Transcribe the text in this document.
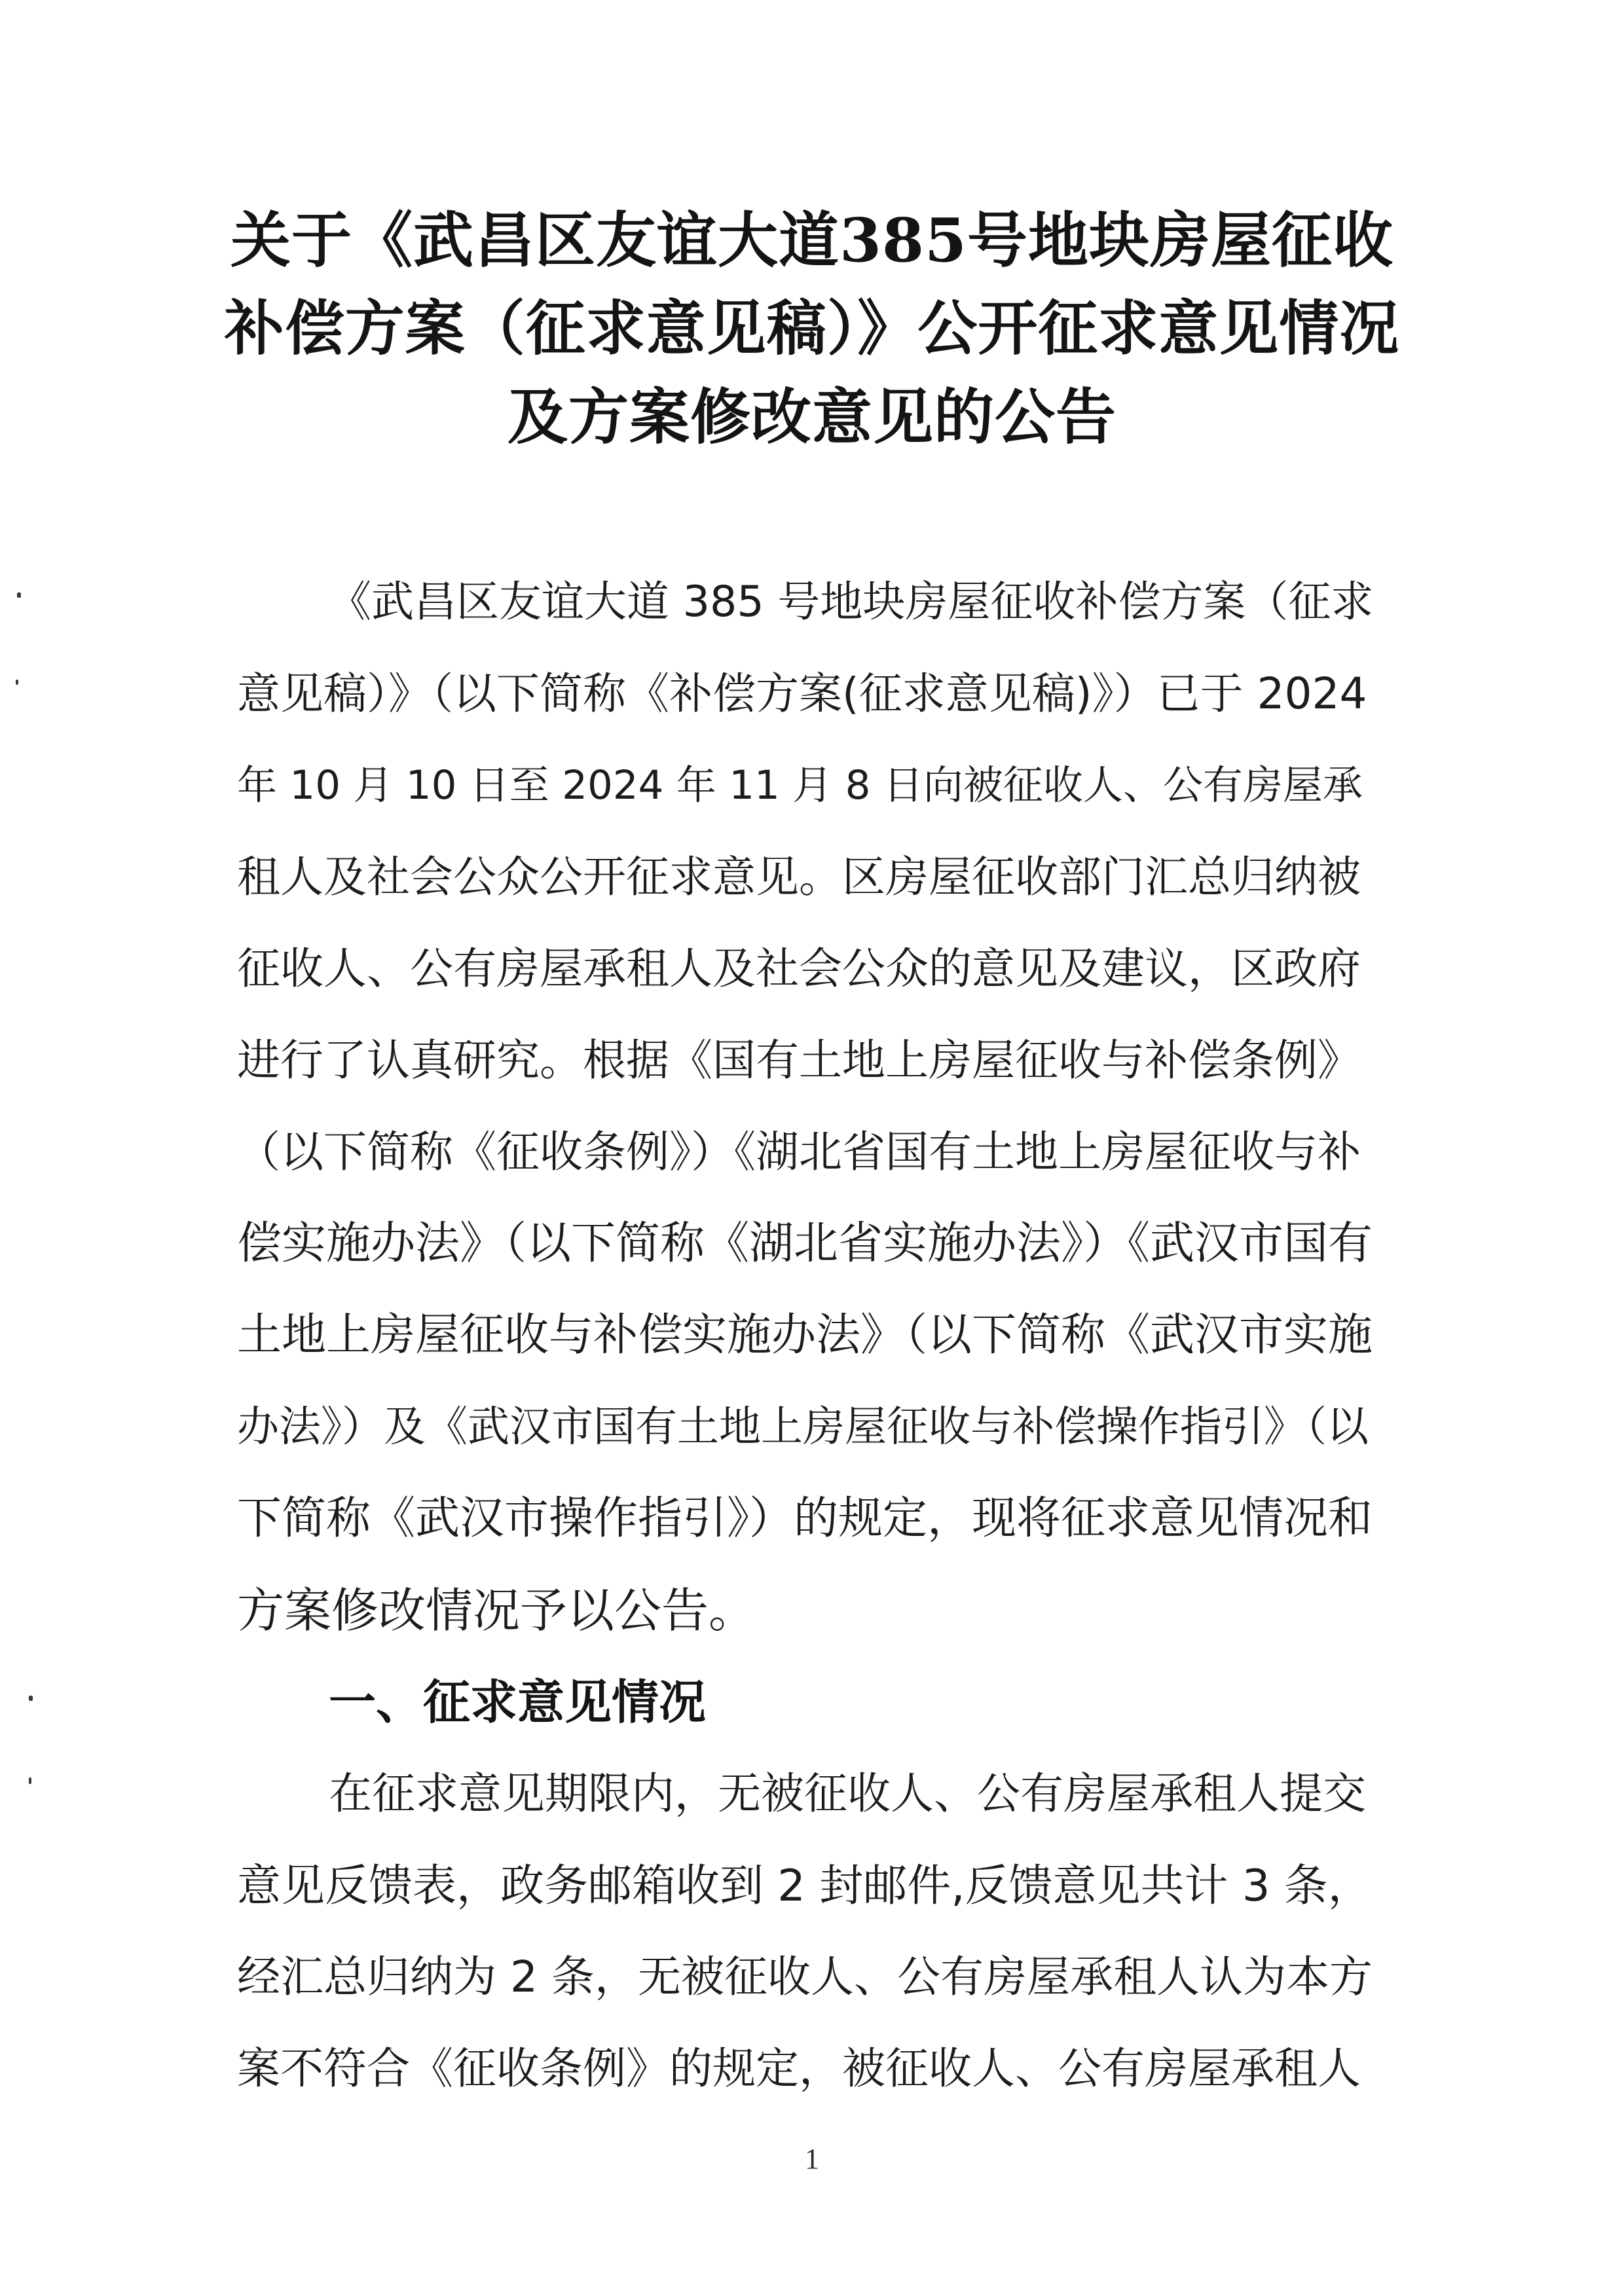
关于《武昌区友谊大道385号地块房屋征收
补偿方案（征求意见稿）》公开征求意见情况
及方案修改意见的公告
《武昌区友谊大道 385 号地块房屋征收补偿方案（征求
意见稿）》（以下简称《补偿方案(征求意见稿)》）已于 2024
年 10 月 10 日至 2024 年 11 月 8 日向被征收人、公有房屋承
租人及社会公众公开征求意见。区房屋征收部门汇总归纳被
征收人、公有房屋承租人及社会公众的意见及建议，区政府
进行了认真研究。根据《国有土地上房屋征收与补偿条例》
（以下简称《征收条例》）《湖北省国有土地上房屋征收与补
偿实施办法》（以下简称《湖北省实施办法》）《武汉市国有
土地上房屋征收与补偿实施办法》（以下简称《武汉市实施
办法》）及《武汉市国有土地上房屋征收与补偿操作指引》（以
下简称《武汉市操作指引》）的规定，现将征求意见情况和
方案修改情况予以公告。
一、征求意见情况
在征求意见期限内，无被征收人、公有房屋承租人提交
意见反馈表，政务邮箱收到 2 封邮件,反馈意见共计 3 条，
经汇总归纳为 2 条，无被征收人、公有房屋承租人认为本方
案不符合《征收条例》的规定，被征收人、公有房屋承租人
1
